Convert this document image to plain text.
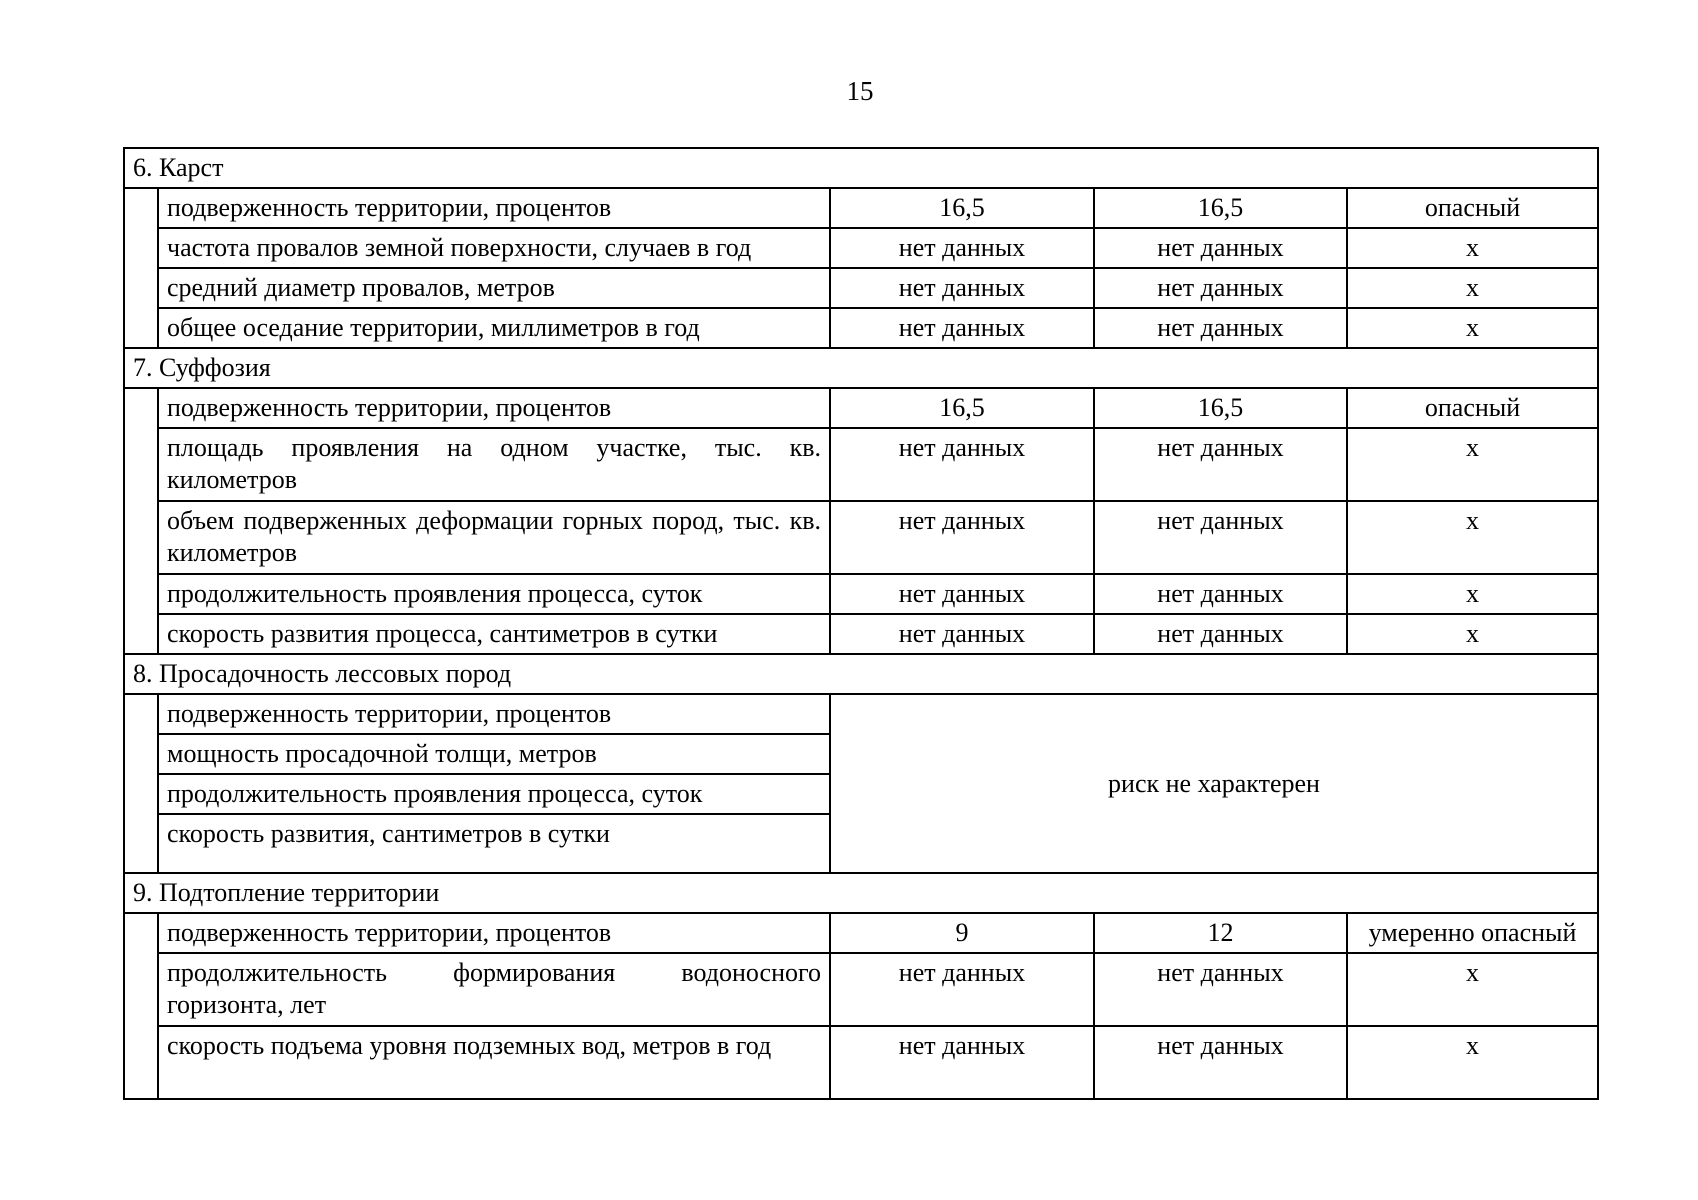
15
6. Карст				
	подверженность территории, процентов	16,5	16,5	опасный
	частота провалов земной поверхности, случаев в год	нет данных	нет данных	х
	средний диаметр провалов, метров	нет данных	нет данных	х
	общее оседание территории, миллиметров в год	нет данных	нет данных	х
7. Суффозия				
	подверженность территории, процентов	16,5	16,5	опасный
	площадь проявления на одном участке, тыс. кв. километров	нет данных	нет данных	х
	объем подверженных деформации горных пород, тыс. кв. километров	нет данных	нет данных	х
	продолжительность проявления процесса, суток	нет данных	нет данных	х
	скорость развития процесса, сантиметров в сутки	нет данных	нет данных	х
8. Просадочность лессовых пород				
	подверженность территории, процентов	риск не характерен		
	мощность просадочной толщи, метров			
	продолжительность проявления процесса, суток			
	скорость развития, сантиметров в сутки			
9. Подтопление территории				
	подверженность территории, процентов	9	12	умеренно опасный
	продолжительность формирования водоносного горизонта, лет	нет данных	нет данных	х
	скорость подъема уровня подземных вод, метров в год	нет данных	нет данных	х
